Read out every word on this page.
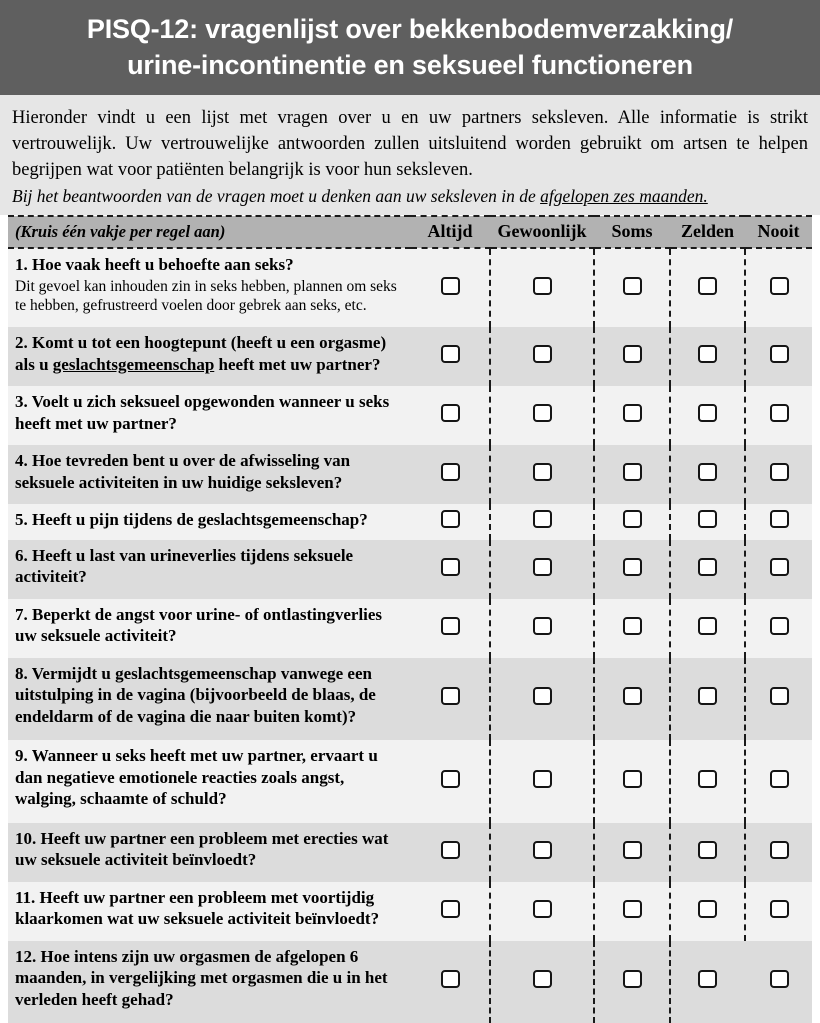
PISQ-12: vragenlijst over bekkenbodemverzakking/
urine-incontinentie en seksueel functioneren

Hieronder vindt u een lijst met vragen over u en uw partners seksleven. Alle informatie is strikt vertrouwelijk. Uw vertrouwelijke antwoorden zullen uitsluitend worden gebruikt om artsen te helpen begrijpen wat voor patiënten belangrijk is voor hun seksleven.

Bij het beantwoorden van de vragen moet u denken aan uw seksleven in de afgelopen zes maanden.

(Kruis één vakje per regel aan)	Altijd	Gewoonlijk	Soms	Zelden	Nooit

1. Hoe vaak heeft u behoefte aan seks?
Dit gevoel kan inhouden zin in seks hebben, plannen om seks te hebben, gefrustreerd voelen door gebrek aan seks, etc.					

2. Komt u tot een hoogtepunt (heeft u een orgasme) als u geslachtsgemeenschap heeft met uw partner?					

3. Voelt u zich seksueel opgewonden wanneer u seks heeft met uw partner?					

4. Hoe tevreden bent u over de afwisseling van seksuele activiteiten in uw huidige seksleven?					

5. Heeft u pijn tijdens de geslachtsgemeenschap?					

6. Heeft u last van urineverlies tijdens seksuele activiteit?					

7. Beperkt de angst voor urine- of ontlastingverlies uw seksuele activiteit?					

8. Vermijdt u geslachtsgemeenschap vanwege een uitstulping in de vagina (bijvoorbeeld de blaas, de endeldarm of de vagina die naar buiten komt)?					

9. Wanneer u seks heeft met uw partner, ervaart u dan negatieve emotionele reacties zoals angst, walging, schaamte of schuld?					

10. Heeft uw partner een probleem met erecties wat uw seksuele activiteit beïnvloedt?					

11. Heeft uw partner een probleem met voortijdig klaarkomen wat uw seksuele activiteit beïnvloedt?					

12. Hoe intens zijn uw orgasmen de afgelopen 6 maanden, in vergelijking met orgasmen die u in het verleden heeft gehad?					
